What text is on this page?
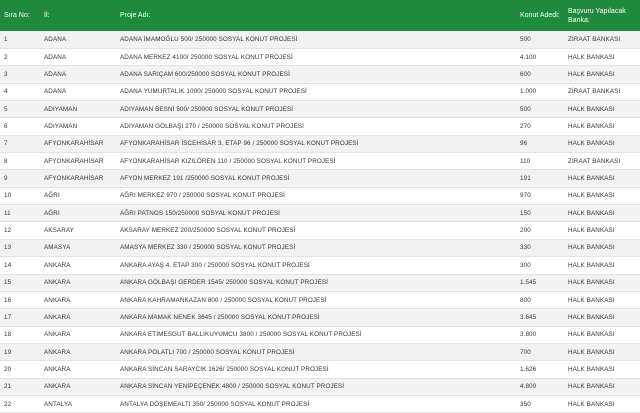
Sıra No:	İl:	Proje Adı:	Konut Adedi:	Başvuru Yapılacak Banka:
1	ADANA	ADANA İMAMOĞLU 500/ 250000 SOSYAL KONUT PROJESİ	500	ZİRAAT BANKASI
2	ADANA	ADANA MERKEZ 4100/ 250000 SOSYAL KONUT PROJESİ	4.100	HALK BANKASI
3	ADANA	ADANA SARIÇAM 600/250000 SOSYAL KONUT PROJESİ	600	HALK BANKASI
4	ADANA	ADANA YUMURTALIK 1000/ 250000 SOSYAL KONUT PROJESİ	1.000	ZİRAAT BANKASI
5	ADIYAMAN	ADIYAMAN BESNİ 500/ 250000 SOSYAL KONUT PROJESİ	500	HALK BANKASI
6	ADIYAMAN	ADIYAMAN GÖLBAŞI 270 / 250000 SOSYAL KONUT PROJESİ	270	HALK BANKASI
7	AFYONKARAHİSAR	AFYONKARAHİSAR İSCEHİSAR 3. ETAP 96 / 250000 SOSYAL KONUT PROJESİ	96	HALK BANKASI
8	AFYONKARAHİSAR	AFYONKARAHİSAR KIZILÖREN 110 / 250000 SOSYAL KONUT PROJESİ	110	ZİRAAT BANKASI
9	AFYONKARAHİSAR	AFYON MERKEZ 191 /250000 SOSYAL KONUT PROJESİ	191	HALK BANKASI
10	AĞRI	AĞRI MERKEZ 970 / 250000 SOSYAL KONUT PROJESİ	970	HALK BANKASI
11	AĞRI	AĞRI PATNOS 150/250000 SOSYAL KONUT PROJESİ	150	HALK BANKASI
12	AKSARAY	AKSARAY MERKEZ 200/250000 SOSYAL KONUT PROJESİ	200	HALK BANKASI
13	AMASYA	AMASYA MERKEZ 330 / 250000 SOSYAL KONUT PROJESİ	330	HALK BANKASI
14	ANKARA	ANKARA AYAŞ 4. ETAP 300 / 250000 SOSYAL KONUT PROJESİ	300	HALK BANKASI
15	ANKARA	ANKARA GÖLBAŞI GERDER 1545/ 250000 SOSYAL KONUT PROJESİ	1.545	HALK BANKASI
16	ANKARA	ANKARA KAHRAMANKAZAN 800 / 250000 SOSYAL KONUT PROJESİ	800	HALK BANKASI
17	ANKARA	ANKARA MAMAK NENEK 3645 / 250000 SOSYAL KONUT PROJESİ	3.645	HALK BANKASI
18	ANKARA	ANKARA ETİMESGUT BALLIKUYUMCU 3800 / 250000 SOSYAL KONUT PROJESİ	3.800	HALK BANKASI
19	ANKARA	ANKARA POLATLI 700 / 250000 SOSYAL KONUT PROJESİ	700	HALK BANKASI
20	ANKARA	ANKARA SİNCAN SARAYCIK 1626/ 250000 SOSYAL KONUT PROJESİ	1.626	HALK BANKASI
21	ANKARA	ANKARA SİNCAN YENİPEÇENEK 4800 / 250000 SOSYAL KONUT PROJESİ	4.800	HALK BANKASI
22	ANTALYA	ANTALYA DÖŞEMEALTI 350/ 250000 SOSYAL KONUT PROJESİ	350	HALK BANKASI
